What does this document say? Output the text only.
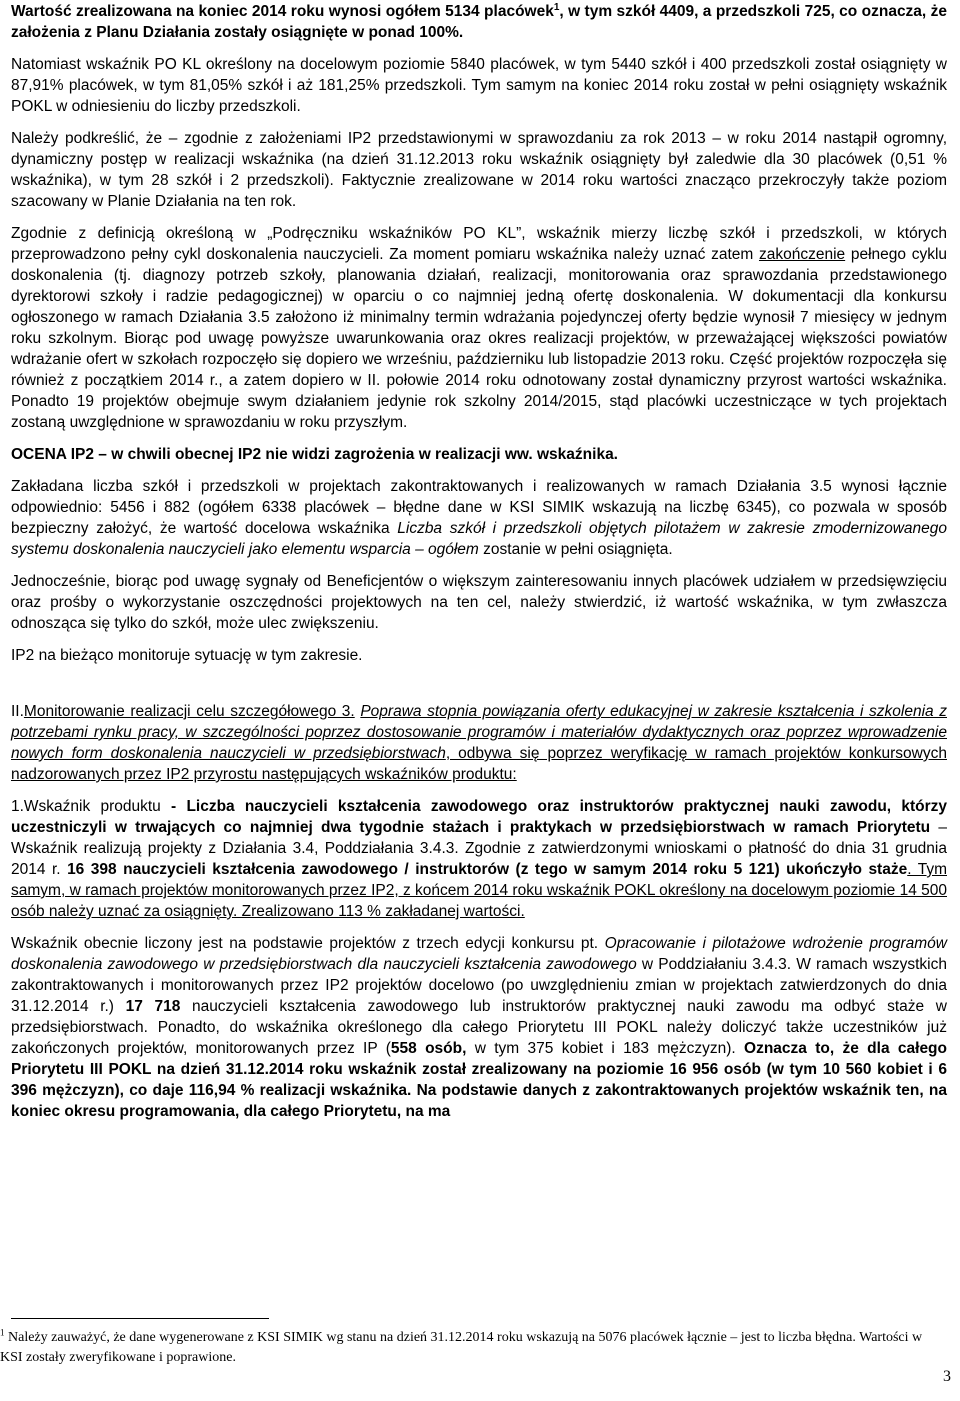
Wartość zrealizowana na koniec 2014 roku wynosi ogółem 5134 placówek$^1$, w tym szkół 4409, a przedszkoli 725, co oznacza, że założenia z Planu Działania zostały osiągnięte w ponad 100%.

Natomiast wskaźnik PO KL określony na docelowym poziomie 5840 placówek, w tym 5440 szkół i 400 przedszkoli został osiągnięty w 87,91% placówek, w tym 81,05% szkół i aż 181,25% przedszkoli. Tym samym na koniec 2014 roku został w pełni osiągnięty wskaźnik POKL w odniesieniu do liczby przedszkoli.

Należy podkreślić, że – zgodnie z założeniami IP2 przedstawionymi w sprawozdaniu za rok 2013 – w roku 2014 nastąpił ogromny, dynamiczny postęp w realizacji wskaźnika (na dzień 31.12.2013 roku wskaźnik osiągnięty był zaledwie dla 30 placówek (0,51 % wskaźnika), w tym 28 szkół i 2 przedszkoli). Faktycznie zrealizowane w 2014 roku wartości znacząco przekroczyły także poziom szacowany w Planie Działania na ten rok.

Zgodnie z definicją określoną w „Podręczniku wskaźników PO KL”, wskaźnik mierzy liczbę szkół i przedszkoli, w których przeprowadzono pełny cykl doskonalenia nauczycieli. Za moment pomiaru wskaźnika należy uznać zatem zakończenie pełnego cyklu doskonalenia (tj. diagnozy potrzeb szkoły, planowania działań, realizacji, monitorowania oraz sprawozdania przedstawionego dyrektorowi szkoły i radzie pedagogicznej) w oparciu o co najmniej jedną ofertę doskonalenia. W dokumentacji dla konkursu ogłoszonego w ramach Działania 3.5 założono iż minimalny termin wdrażania pojedynczej oferty będzie wynosił 7 miesięcy w jednym roku szkolnym. Biorąc pod uwagę powyższe uwarunkowania oraz okres realizacji projektów, w przeważającej większości powiatów wdrażanie ofert w szkołach rozpoczęło się dopiero we wrześniu, październiku lub listopadzie 2013 roku. Część projektów rozpoczęła się również z początkiem 2014 r., a zatem dopiero w II. połowie 2014 roku odnotowany został dynamiczny przyrost wartości wskaźnika. Ponadto 19 projektów obejmuje swym działaniem jedynie rok szkolny 2014/2015, stąd placówki uczestniczące w tych projektach zostaną uwzględnione w sprawozdaniu w roku przyszłym.

OCENA IP2 – w chwili obecnej IP2 nie widzi zagrożenia w realizacji ww. wskaźnika.

Zakładana liczba szkół i przedszkoli w projektach zakontraktowanych i realizowanych w ramach Działania 3.5 wynosi łącznie odpowiednio: 5456 i 882 (ogółem 6338 placówek – błędne dane w KSI SIMIK wskazują na liczbę 6345), co pozwala w sposób bezpieczny założyć, że wartość docelowa wskaźnika Liczba szkół i przedszkoli objętych pilotażem w zakresie zmodernizowanego systemu doskonalenia nauczycieli jako elementu wsparcia – ogółem zostanie w pełni osiągnięta.

Jednocześnie, biorąc pod uwagę sygnały od Beneficjentów o większym zainteresowaniu innych placówek udziałem w przedsięwzięciu oraz prośby o wykorzystanie oszczędności projektowych na ten cel, należy stwierdzić, iż wartość wskaźnika, w tym zwłaszcza odnosząca się tylko do szkół, może ulec zwiększeniu.

IP2 na bieżąco monitoruje sytuację w tym zakresie.

II.Monitorowanie realizacji celu szczegółowego 3. Poprawa stopnia powiązania oferty edukacyjnej w zakresie kształcenia i szkolenia z potrzebami rynku pracy, w szczególności poprzez dostosowanie programów i materiałów dydaktycznych oraz poprzez wprowadzenie nowych form doskonalenia nauczycieli w przedsiębiorstwach, odbywa się poprzez weryfikację w ramach projektów konkursowych nadzorowanych przez IP2 przyrostu następujących wskaźników produktu:

1.Wskaźnik produktu - Liczba nauczycieli kształcenia zawodowego oraz instruktorów praktycznej nauki zawodu, którzy uczestniczyli w trwających co najmniej dwa tygodnie stażach i praktykach w przedsiębiorstwach w ramach Priorytetu – Wskaźnik realizują projekty z Działania 3.4, Poddziałania 3.4.3. Zgodnie z zatwierdzonymi wnioskami o płatność do dnia 31 grudnia 2014 r. 16 398 nauczycieli kształcenia zawodowego / instruktorów (z tego w samym 2014 roku 5 121) ukończyło staże. Tym samym, w ramach projektów monitorowanych przez IP2, z końcem 2014 roku wskaźnik POKL określony na docelowym poziomie 14 500 osób należy uznać za osiągnięty. Zrealizowano 113 % zakładanej wartości.

Wskaźnik obecnie liczony jest na podstawie projektów z trzech edycji konkursu pt. Opracowanie i pilotażowe wdrożenie programów doskonalenia zawodowego w przedsiębiorstwach dla nauczycieli kształcenia zawodowego w Poddziałaniu 3.4.3. W ramach wszystkich zakontraktowanych i monitorowanych przez IP2 projektów docelowo (po uwzględnieniu zmian w projektach zatwierdzonych do dnia 31.12.2014 r.) 17 718 nauczycieli kształcenia zawodowego lub instruktorów praktycznej nauki zawodu ma odbyć staże w przedsiębiorstwach. Ponadto, do wskaźnika określonego dla całego Priorytetu III POKL należy doliczyć także uczestników już zakończonych projektów, monitorowanych przez IP (558 osób, w tym 375 kobiet i 183 mężczyzn). Oznacza to, że dla całego Priorytetu III POKL na dzień 31.12.2014 roku wskaźnik został zrealizowany na poziomie 16 956 osób (w tym 10 560 kobiet i 6 396 mężczyzn), co daje 116,94 % realizacji wskaźnika. Na podstawie danych z zakontraktowanych projektów wskaźnik ten, na koniec okresu programowania, dla całego Priorytetu, na ma

$^1$ Należy zauważyć, że dane wygenerowane z KSI SIMIK wg stanu na dzień 31.12.2014 roku wskazują na 5076 placówek łącznie – jest to liczba błędna. Wartości w KSI zostały zweryfikowane i poprawione.
3
